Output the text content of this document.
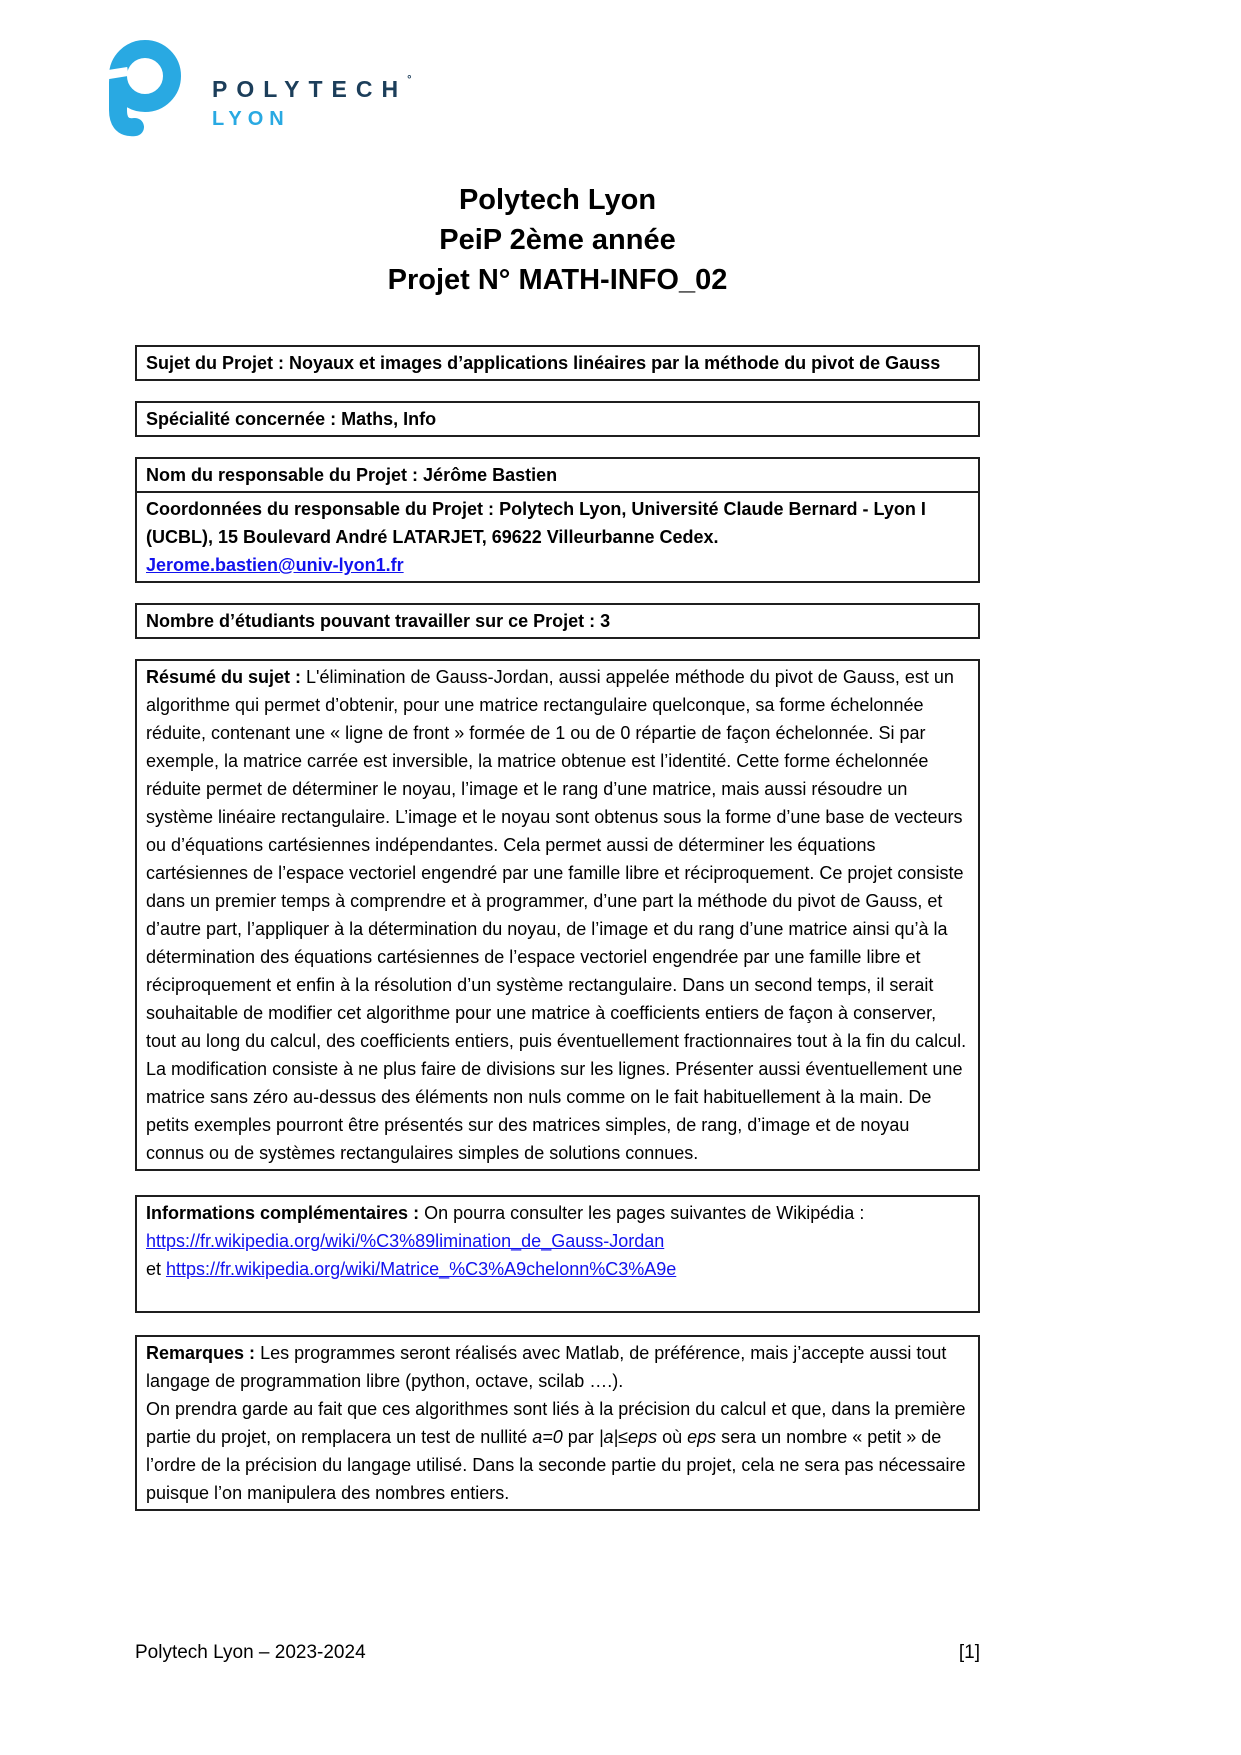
POLYTECH°
LYON
Polytech Lyon
PeiP 2ème année
Projet N° MATH-INFO_02
Sujet du Projet : Noyaux et images d’applications linéaires par la méthode du pivot de Gauss
Spécialité concernée : Maths, Info
Nom du responsable du Projet : Jérôme Bastien
Coordonnées du responsable du Projet : Polytech Lyon, Université Claude Bernard - Lyon I (UCBL), 15 Boulevard André LATARJET, 69622 Villeurbanne Cedex. Jerome.bastien@univ-lyon1.fr
Nombre d’étudiants pouvant travailler sur ce Projet : 3
Résumé du sujet : L'élimination de Gauss-Jordan, aussi appelée méthode du pivot de Gauss, est un algorithme qui permet d’obtenir, pour une matrice rectangulaire quelconque, sa forme échelonnée réduite, contenant une « ligne de front » formée de 1 ou de 0 répartie de façon échelonnée. Si par exemple, la matrice carrée est inversible, la matrice obtenue est l’identité. Cette forme échelonnée réduite permet de déterminer le noyau, l’image et le rang d’une matrice, mais aussi résoudre un système linéaire rectangulaire. L’image et le noyau sont obtenus sous la forme d’une base de vecteurs ou d’équations cartésiennes indépendantes. Cela permet aussi de déterminer les équations cartésiennes de l’espace vectoriel engendré par une famille libre et réciproquement. Ce projet consiste dans un premier temps à comprendre et à programmer, d’une part la méthode du pivot de Gauss, et d’autre part, l’appliquer à la détermination du noyau, de l’image et du rang d’une matrice ainsi qu’à la détermination des équations cartésiennes de l’espace vectoriel engendrée par une famille libre et réciproquement et enfin à la résolution d’un système rectangulaire. Dans un second temps, il serait souhaitable de modifier cet algorithme pour une matrice à coefficients entiers de façon à conserver, tout au long du calcul, des coefficients entiers, puis éventuellement fractionnaires tout à la fin du calcul. La modification consiste à ne plus faire de divisions sur les lignes. Présenter aussi éventuellement une matrice sans zéro au-dessus des éléments non nuls comme on le fait habituellement à la main. De petits exemples pourront être présentés sur des matrices simples, de rang, d’image et de noyau connus ou de systèmes rectangulaires simples de solutions connues.
Informations complémentaires : On pourra consulter les pages suivantes de Wikipédia :
https://fr.wikipedia.org/wiki/%C3%89limination_de_Gauss-Jordan
et https://fr.wikipedia.org/wiki/Matrice_%C3%A9chelonn%C3%A9e
Remarques : Les programmes seront réalisés avec Matlab, de préférence, mais j’accepte aussi tout langage de programmation libre (python, octave, scilab ….).
On prendra garde au fait que ces algorithmes sont liés à la précision du calcul et que, dans la première partie du projet, on remplacera un test de nullité a=0 par |a|≤eps où eps sera un nombre « petit » de l’ordre de la précision du langage utilisé. Dans la seconde partie du projet, cela ne sera pas nécessaire puisque l’on manipulera des nombres entiers.
Polytech Lyon – 2023-2024	[1]
